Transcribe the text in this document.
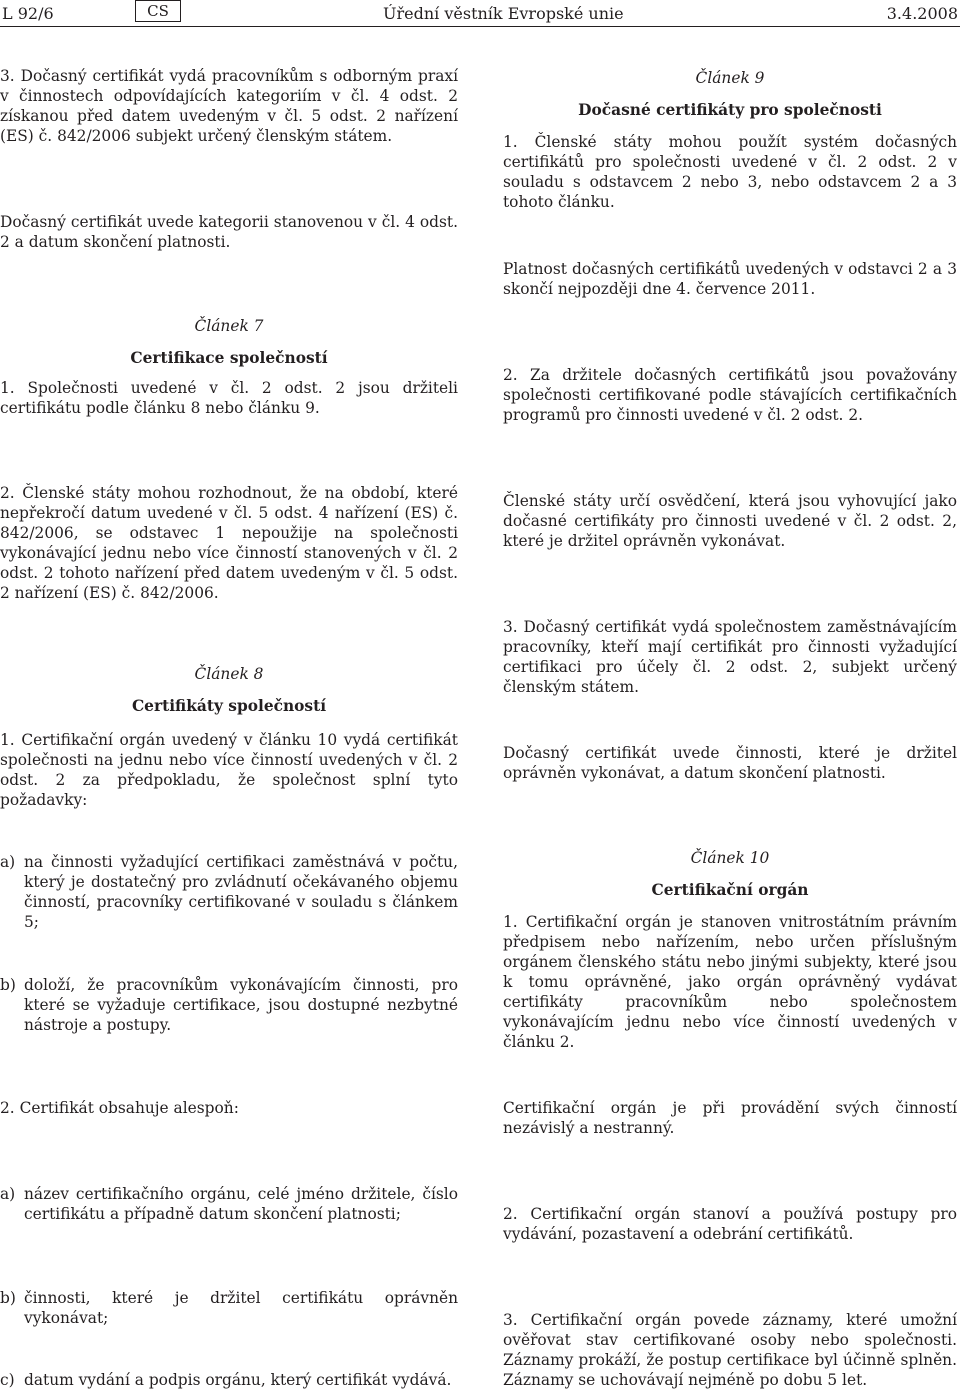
L 92/6	CS	Úřední věstník Evropské unie	3.4.2008

3. Dočasný certifikát vydá pracovníkům s odborným praxí v činnostech odpovídajících kategoriím v čl. 4 odst. 2 získanou před datem uvedeným v čl. 5 odst. 2 nařízení (ES) č. 842/2006 subjekt určený členským státem.

Dočasný certifikát uvede kategorii stanovenou v čl. 4 odst. 2 a datum skončení platnosti.

Článek 7

Certifikace společností

1. Společnosti uvedené v čl. 2 odst. 2 jsou držiteli certifikátu podle článku 8 nebo článku 9.

2. Členské státy mohou rozhodnout, že na období, které nepřekročí datum uvedené v čl. 5 odst. 4 nařízení (ES) č. 842/2006, se odstavec 1 nepoužije na společnosti vykonávající jednu nebo více činností stanovených v čl. 2 odst. 2 tohoto nařízení před datem uvedeným v čl. 5 odst. 2 nařízení (ES) č. 842/2006.

Článek 8

Certifikáty společností

1. Certifikační orgán uvedený v článku 10 vydá certifikát společnosti na jednu nebo více činností uvedených v čl. 2 odst. 2 za předpokladu, že společnost splní tyto požadavky:

a) na činnosti vyžadující certifikaci zaměstnává v počtu, který je dostatečný pro zvládnutí očekávaného objemu činností, pracovníky certifikované v souladu s článkem 5;
b) doloží, že pracovníkům vykonávajícím činnosti, pro které se vyžaduje certifikace, jsou dostupné nezbytné nástroje a postupy.

2. Certifikát obsahuje alespoň:

a) název certifikačního orgánu, celé jméno držitele, číslo certifikátu a případně datum skončení platnosti;
b) činnosti, které je držitel certifikátu oprávněn vykonávat;
c) datum vydání a podpis orgánu, který certifikát vydává.

Článek 9

Dočasné certifikáty pro společnosti

1. Členské státy mohou použít systém dočasných certifikátů pro společnosti uvedené v čl. 2 odst. 2 v souladu s odstavcem 2 nebo 3, nebo odstavcem 2 a 3 tohoto článku.

Platnost dočasných certifikátů uvedených v odstavci 2 a 3 skončí nejpozději dne 4. července 2011.

2. Za držitele dočasných certifikátů jsou považovány společnosti certifikované podle stávajících certifikačních programů pro činnosti uvedené v čl. 2 odst. 2.

Členské státy určí osvědčení, která jsou vyhovující jako dočasné certifikáty pro činnosti uvedené v čl. 2 odst. 2, které je držitel oprávněn vykonávat.

3. Dočasný certifikát vydá společnostem zaměstnávajícím pracovníky, kteří mají certifikát pro činnosti vyžadující certifikaci pro účely čl. 2 odst. 2, subjekt určený členským státem.

Dočasný certifikát uvede činnosti, které je držitel oprávněn vykonávat, a datum skončení platnosti.

Článek 10

Certifikační orgán

1. Certifikační orgán je stanoven vnitrostátním právním předpisem nebo nařízením, nebo určen příslušným orgánem členského státu nebo jinými subjekty, které jsou k tomu oprávněné, jako orgán oprávněný vydávat certifikáty pracovníkům nebo společnostem vykonávajícím jednu nebo více činností uvedených v článku 2.

Certifikační orgán je při provádění svých činností nezávislý a nestranný.

2. Certifikační orgán stanoví a používá postupy pro vydávání, pozastavení a odebrání certifikátů.

3. Certifikační orgán povede záznamy, které umožní ověřovat stav certifikované osoby nebo společnosti. Záznamy prokáží, že postup certifikace byl účinně splněn. Záznamy se uchovávají nejméně po dobu 5 let.
